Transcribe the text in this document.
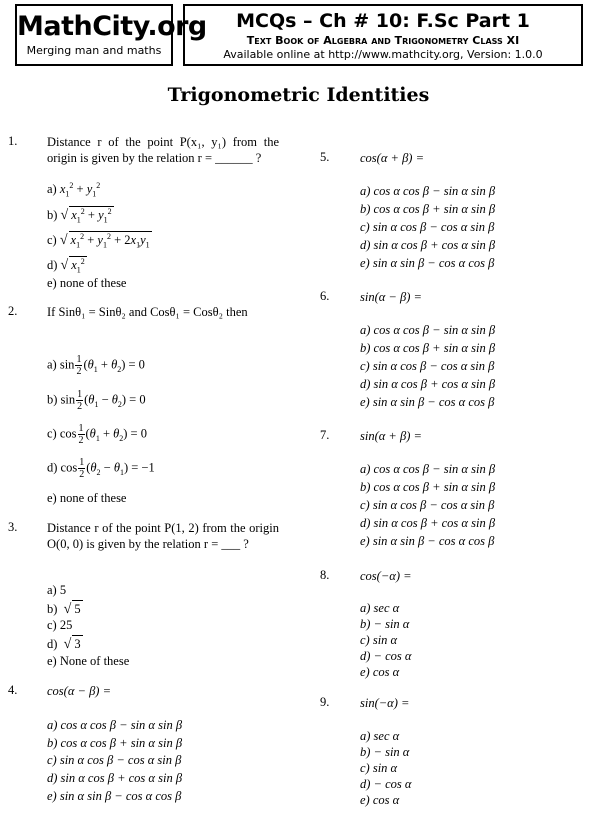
MathCity.org
Merging man and maths
MCQs – Ch # 10: F.Sc Part 1
Text Book of Algebra and Trigonometry Class XI
Available online at http://www.mathcity.org, Version: 1.0.0
Trigonometric Identities
1. Distance r of the point P(x₁, y₁) from the origin is given by the relation r = ______ ?
a) $x_1^2 + y_1^2$
b) √ $x_1^2 + y_1^2$
c) √ $x_1^2 + y_1^2 + 2x_1y_1$
d) √ $x_1^2$
e) none of these
2. If Sinθ₁ = Sinθ₂ and Cosθ₁ = Cosθ₂ then
a) $\sin \frac{1}{2} (\theta_1 + \theta_2) = 0$
b) $\sin \frac{1}{2} (\theta_1 - \theta_2) = 0$
c) $\cos \frac{1}{2} (\theta_1 + \theta_2) = 0$
d) $\cos \frac{1}{2} (\theta_2 - \theta_1) = -1$
e) none of these
3. Distance r of the point P(1, 2) from the origin O(0, 0) is given by the relation r = ___ ?
a) 5
b)  √ 5
c) 25
d)  √ 3
e) None of these
4. cos(α − β) =
a) cos α cos β − sin α sin β
b) cos α cos β + sin α sin β
c) sin α cos β − cos α sin β
d) sin α cos β + cos α sin β
e) sin α sin β − cos α cos β
5. cos(α + β) =
a) cos α cos β − sin α sin β
b) cos α cos β + sin α sin β
c) sin α cos β − cos α sin β
d) sin α cos β + cos α sin β
e) sin α sin β − cos α cos β
6. sin(α − β) =
a) cos α cos β − sin α sin β
b) cos α cos β + sin α sin β
c) sin α cos β − cos α sin β
d) sin α cos β + cos α sin β
e) sin α sin β − cos α cos β
7. sin(α + β) =
a) cos α cos β − sin α sin β
b) cos α cos β + sin α sin β
c) sin α cos β − cos α sin β
d) sin α cos β + cos α sin β
e) sin α sin β − cos α cos β
8. cos(−α) =
a) sec α
b) − sin α
c) sin α
d) − cos α
e) cos α
9. sin(−α) =
a) sec α
b) − sin α
c) sin α
d) − cos α
e) cos α
